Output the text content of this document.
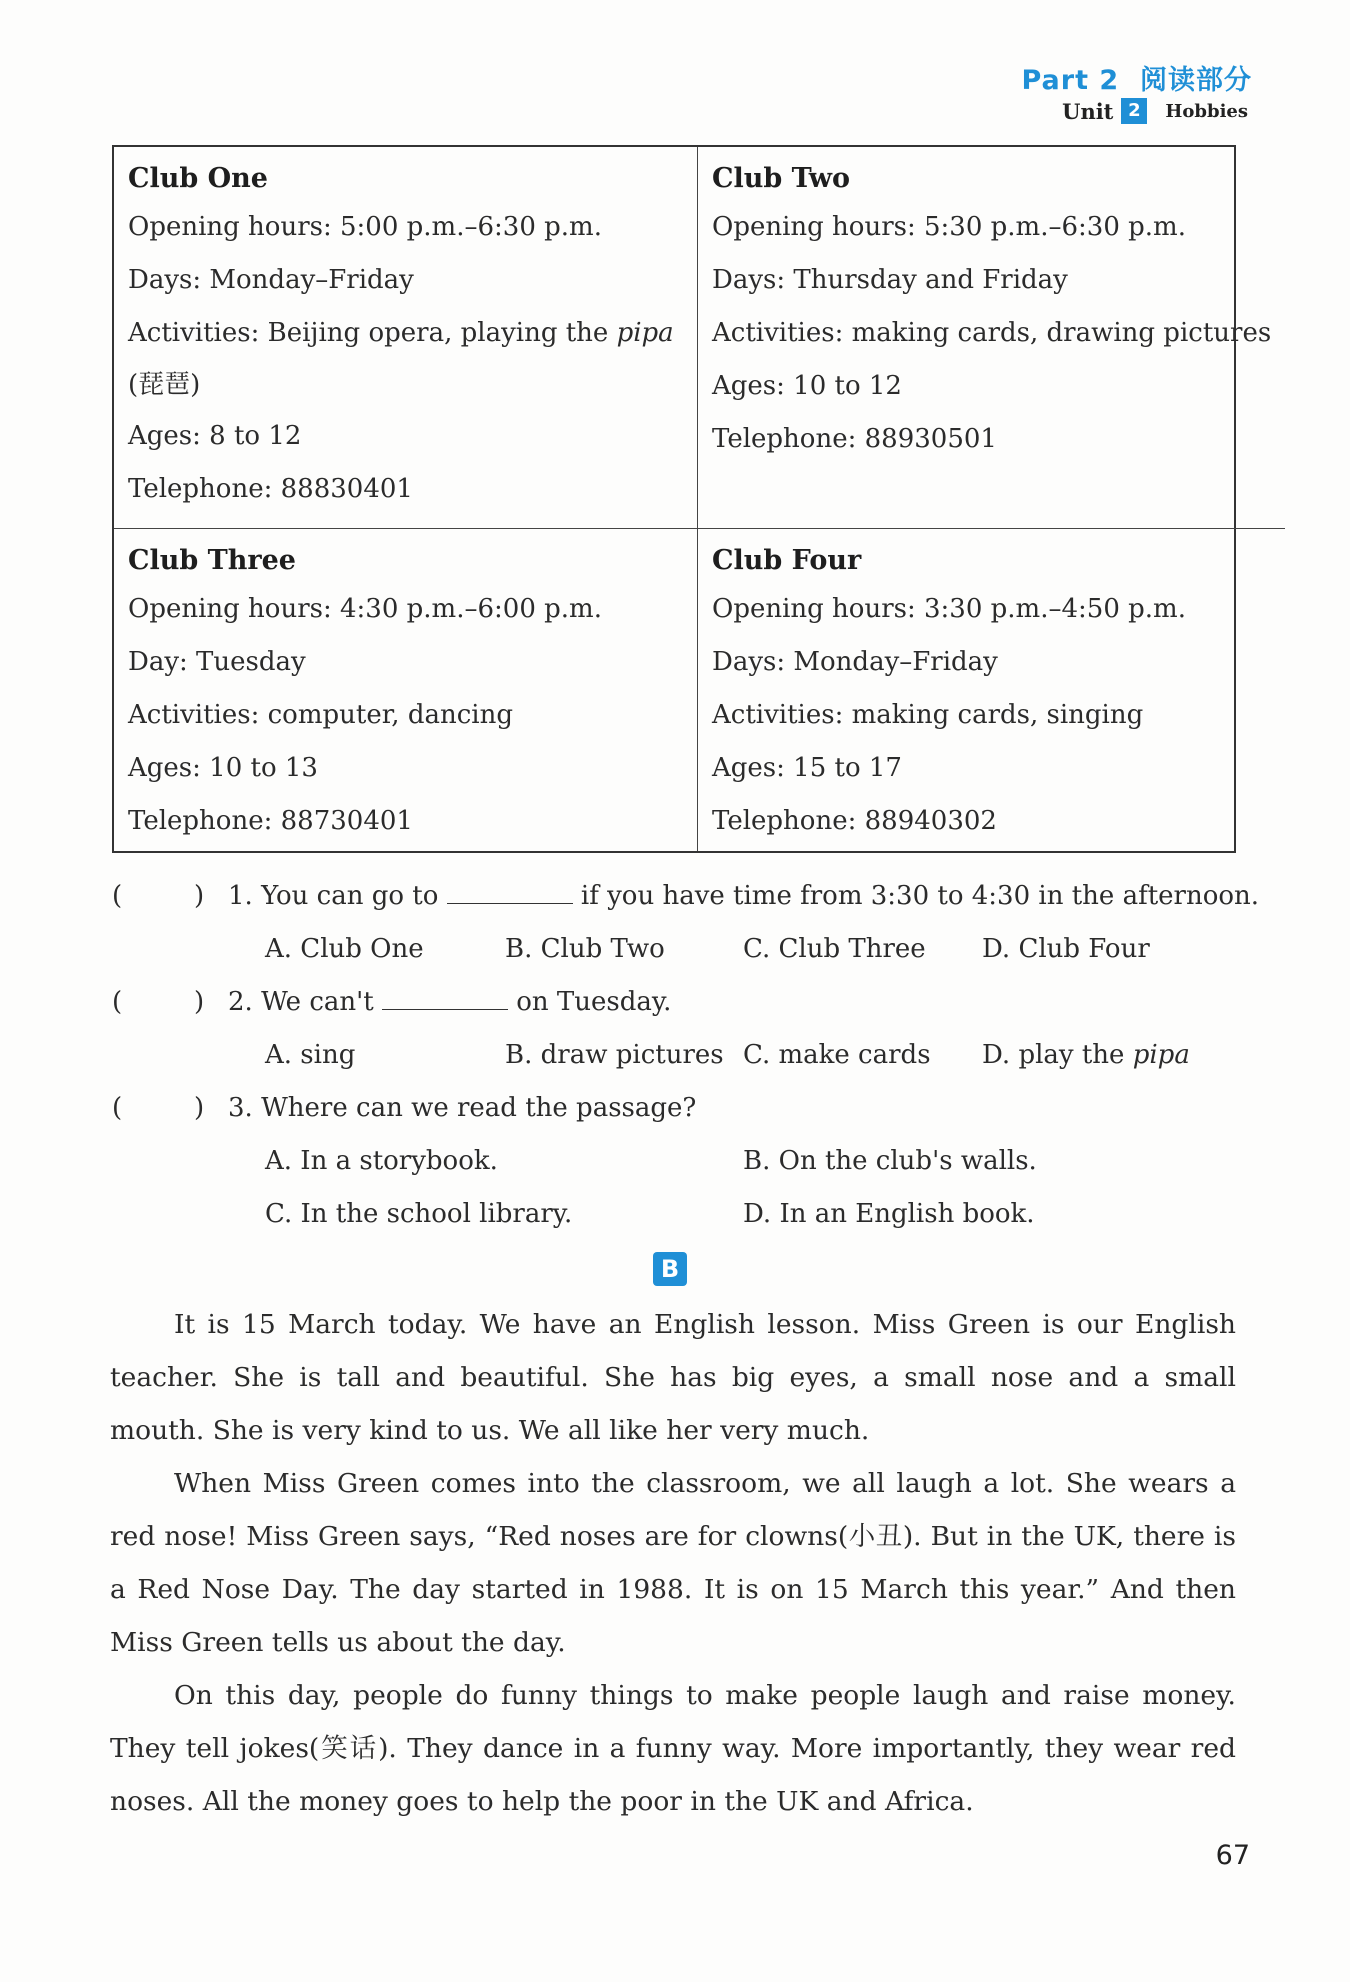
Part 2 阅读部分
Unit 2	Hobbies
Club One
Opening hours: 5:00 p.m.–6:30 p.m.
Days: Monday–Friday
Activities: Beijing opera, playing the pipa
(琵琶)
Ages: 8 to 12
Telephone: 88830401
Club Two
Opening hours: 5:30 p.m.–6:30 p.m.
Days: Thursday and Friday
Activities: making cards, drawing pictures
Ages: 10 to 12
Telephone: 88930501
Club Three
Opening hours: 4:30 p.m.–6:00 p.m.
Day: Tuesday
Activities: computer, dancing
Ages: 10 to 13
Telephone: 88730401
Club Four
Opening hours: 3:30 p.m.–4:50 p.m.
Days: Monday–Friday
Activities: making cards, singing
Ages: 15 to 17
Telephone: 88940302
(	) 1. You can go to	if you have time from 3:30 to 4:30 in the afternoon.
A. Club One	B. Club Two	C. Club Three D. Club Four
(	) 2. We can't	on Tuesday.
A. sing	B. draw pictures C. make cards D. play the pipa
(	) 3. Where can we read the passage?
A. In a storybook.	B. On the club's walls.
C. In the school library.	D. In an English book.
B

It is 15 March today. We have an English lesson. Miss Green is our English teacher. She is tall and beautiful. She has big eyes, a small nose and a small mouth. She is very kind to us. We all like her very much.

When Miss Green comes into the classroom, we all laugh a lot. She wears a red nose! Miss Green says, “Red noses are for clowns(小丑). But in the UK, there is a Red Nose Day. The day started in 1988. It is on 15 March this year.” And then Miss Green tells us about the day.

On this day, people do funny things to make people laugh and raise money. They tell jokes(笑话). They dance in a funny way. More importantly, they wear red noses. All the money goes to help the poor in the UK and Africa.

67
